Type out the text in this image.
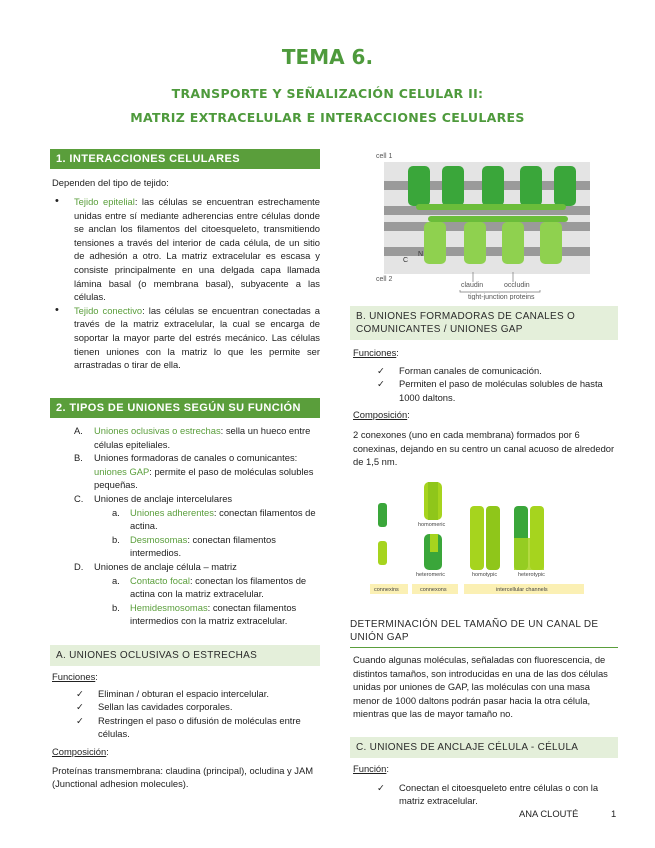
TEMA 6.
TRANSPORTE Y SEÑALIZACIÓN CELULAR II:
MATRIZ EXTRACELULAR E INTERACCIONES CELULARES
1. INTERACCIONES CELULARES
Dependen del tipo de tejido:
• Tejido epitelial: las células se encuentran estrechamente unidas entre sí mediante adherencias entre células donde se anclan los filamentos del citoesqueleto, transmitiendo tensiones a través del interior de cada célula, de un sitio de adhesión a otro. La matriz extracelular es escasa y consiste principalmente en una delgada capa llamada lámina basal (o membrana basal), subyacente a las células.
• Tejido conectivo: las células se encuentran conectadas a través de la matriz extracelular, la cual se encarga de soportar la mayor parte del estrés mecánico. Las células tienen uniones con la matriz lo que les permite ser arrastradas o tirar de ella.
2. TIPOS DE UNIONES SEGÚN SU FUNCIÓN
A. Uniones oclusivas o estrechas: sella un hueco entre células epiteliales.
B. Uniones formadoras de canales o comunicantes: uniones GAP: permite el paso de moléculas solubles pequeñas.
C. Uniones de anclaje intercelulares
a. Uniones adherentes: conectan filamentos de actina.
b. Desmosomas: conectan filamentos intermedios.
D. Uniones de anclaje célula – matriz
a. Contacto focal: conectan los filamentos de actina con la matriz extracelular.
b. Hemidesmosomas: conectan filamentos intermedios con la matriz extracelular.
A. UNIONES OCLUSIVAS O ESTRECHAS
Funciones:
✓ Eliminan / obturan el espacio intercelular.
✓ Sellan las cavidades corporales.
✓ Restringen el paso o difusión de moléculas entre células.
Composición:
Proteínas transmembrana: claudina (principal), ocludina y JAM (Junctional adhesion molecules).
cell 1
cell 2
C
N
claudin	occludin
tight-junction proteins
B. UNIONES FORMADORAS DE CANALES O COMUNICANTES / UNIONES GAP
Funciones:
✓ Forman canales de comunicación.
✓ Permiten el paso de moléculas solubles de hasta 1000 daltons.
Composición:
2 conexones (uno en cada membrana) formados por 6 conexinas, dejando en su centro un canal acuoso de alrededor de 1,5 nm.
homomeric
heteromeric	homotypic	heterotypic
connexins	connexons	intercellular channels
DETERMINACIÓN DEL TAMAÑO DE UN CANAL DE UNIÓN GAP
Cuando algunas moléculas, señaladas con fluorescencia, de distintos tamaños, son introducidas en una de las dos células unidas por uniones de GAP, las moléculas con una masa menor de 1000 daltons podrán pasar hacia la otra célula, mientras que las de mayor tamaño no.
C. UNIONES DE ANCLAJE CÉLULA - CÉLULA
Función:
✓ Conectan el citoesqueleto entre células o con la matriz extracelular.
ANA CLOUTÉ	1
